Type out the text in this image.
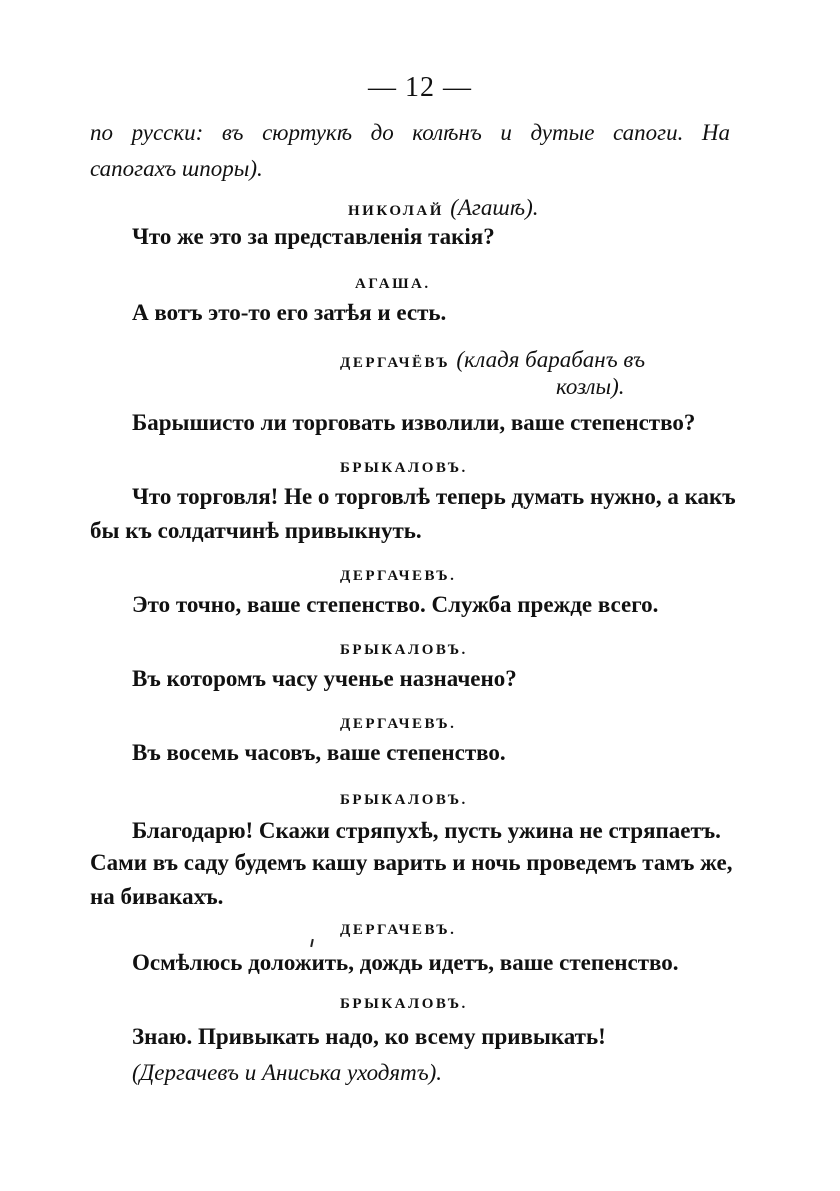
— 12 —
по русски: въ сюртукѣ до колѣнъ и дутые сапоги. На
сапогахъ шпоры).
НИКОЛАЙ (Агашѣ).
Что же это за представленія такія?
АГАША.
А вотъ это-то его затѣя и есть.
ДЕРГАЧЁВЪ (кладя барабанъ въ
козлы).
Барышисто ли торговать изволили, ваше степенство?
БРЫКАЛОВЪ.
Что торговля! Не о торговлѣ теперь думать нужно, а какъ
бы къ солдатчинѣ привыкнуть.
ДЕРГАЧЕВЪ.
Это точно, ваше степенство. Служба прежде всего.
БРЫКАЛОВЪ.
Въ которомъ часу ученье назначено?
ДЕРГАЧЕВЪ.
Въ восемь часовъ, ваше степенство.
БРЫКАЛОВЪ.
Благодарю! Скажи стряпухѣ, пусть ужина не стряпаетъ.
Сами въ саду будемъ кашу варить и ночь проведемъ тамъ же,
на бивакахъ.
ДЕРГАЧЕВЪ.
Осмѣлюсь доложить, дождь идетъ, ваше степенство.
БРЫКАЛОВЪ.
Знаю. Привыкать надо, ко всему привыкать!
(Дергачевъ и Аниська уходятъ).
